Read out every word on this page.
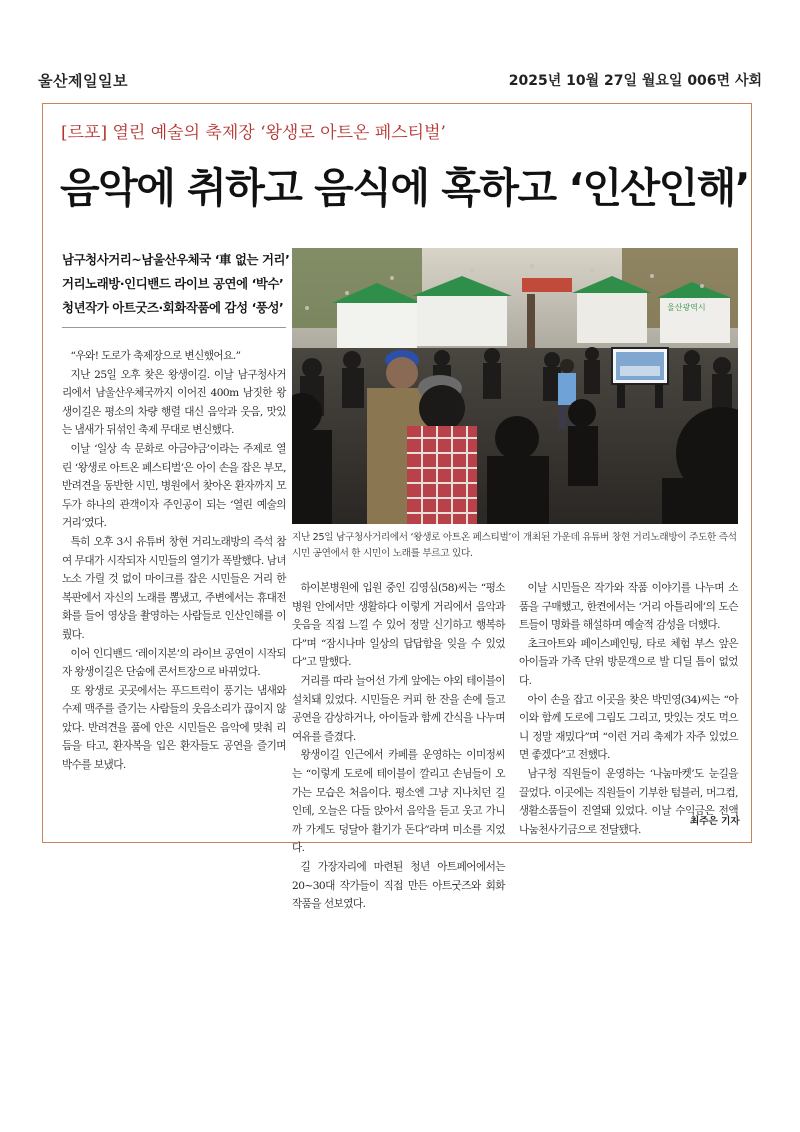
울산제일일보	2025년 10월 27일 월요일 006면 사회
[르포] 열린 예술의 축제장 ‘왕생로 아트온 페스티벌’
음악에 취하고 음식에 혹하고 ‘인산인해’
남구청사거리~남울산우체국 ‘車 없는 거리’
거리노래방·인디밴드 라이브 공연에 ‘박수’
청년작가 아트굿즈·회화작품에 감성 ‘풍성’	울산광역시
지난 25일 남구청사거리에서 ‘왕생로 아트온 페스티벌’이 개최된 가운데 유튜버 창현 거리노래방이 주도한 즉석 시민 공연에서 한 시민이 노래를 부르고 있다.

“우와! 도로가 축제장으로 변신했어요.”

지난 25일 오후 찾은 왕생이길. 이날 남구청사거리에서 남울산우체국까지 이어진 400m 남짓한 왕생이길은 평소의 차량 행렬 대신 음악과 웃음, 맛있는 냄새가 뒤섞인 축제 무대로 변신했다.

이날 ‘일상 속 문화로 아금야금’이라는 주제로 열린 ‘왕생로 아트온 페스티벌’은 아이 손을 잡은 부모, 반려견을 동반한 시민, 병원에서 찾아온 환자까지 모두가 하나의 관객이자 주인공이 되는 ‘열린 예술의 거리’였다.

특히 오후 3시 유튜버 창현 거리노래방의 즉석 참여 무대가 시작되자 시민들의 열기가 폭발했다. 남녀노소 가릴 것 없이 마이크를 잡은 시민들은 거리 한복판에서 자신의 노래를 뽐냈고, 주변에서는 휴대전화를 들어 영상을 촬영하는 사람들로 인산인해를 이뤘다.

이어 인디밴드 ‘레이지본’의 라이브 공연이 시작되자 왕생이길은 단숨에 콘서트장으로 바뀌었다.

또 왕생로 곳곳에서는 푸드트럭이 풍기는 냄새와 수제 맥주를 즐기는 사람들의 웃음소리가 끊이지 않았다. 반려견을 품에 안은 시민들은 음악에 맞춰 리듬을 타고, 환자복을 입은 환자들도 공연을 즐기며 박수를 보냈다.

하이본병원에 입원 중인 김영심(58)씨는 “평소 병원 안에서만 생활하다 이렇게 거리에서 음악과 웃음을 직접 느낄 수 있어 정말 신기하고 행복하다”며 “잠시나마 일상의 답답함을 잊을 수 있었다”고 말했다.

거리를 따라 늘어선 가게 앞에는 야외 테이블이 설치돼 있었다. 시민들은 커피 한 잔을 손에 들고 공연을 감상하거나, 아이들과 함께 간식을 나누며 여유를 즐겼다.

왕생이길 인근에서 카페를 운영하는 이미정씨는 “이렇게 도로에 테이블이 깔리고 손님들이 오가는 모습은 처음이다. 평소엔 그냥 지나치던 길인데, 오늘은 다들 앉아서 음악을 듣고 웃고 가니까 가게도 덩달아 활기가 돈다”라며 미소를 지었다.

길 가장자리에 마련된 청년 아트페어에서는 20~30대 작가들이 직접 만든 아트굿즈와 회화 작품을 선보였다.

이날 시민들은 작가와 작품 이야기를 나누며 소품을 구매했고, 한켠에서는 ‘거리 아틀리에’의 도슨트들이 명화를 해설하며 예술적 감성을 더했다.

초크아트와 페이스페인팅, 타로 체험 부스 앞은 아이들과 가족 단위 방문객으로 발 디딜 틈이 없었다.

아이 손을 잡고 이곳을 찾은 박민영(34)씨는 “아이와 함께 도로에 그림도 그리고, 맛있는 것도 먹으니 정말 재밌다”며 “이런 거리 축제가 자주 있었으면 좋겠다”고 전했다.

남구청 직원들이 운영하는 ‘나눔마켓’도 눈길을 끌었다. 이곳에는 직원들이 기부한 텀블러, 머그컵, 생활소품들이 진열돼 있었다. 이날 수익금은 전액 나눔천사기금으로 전달됐다.

최주은 기자
